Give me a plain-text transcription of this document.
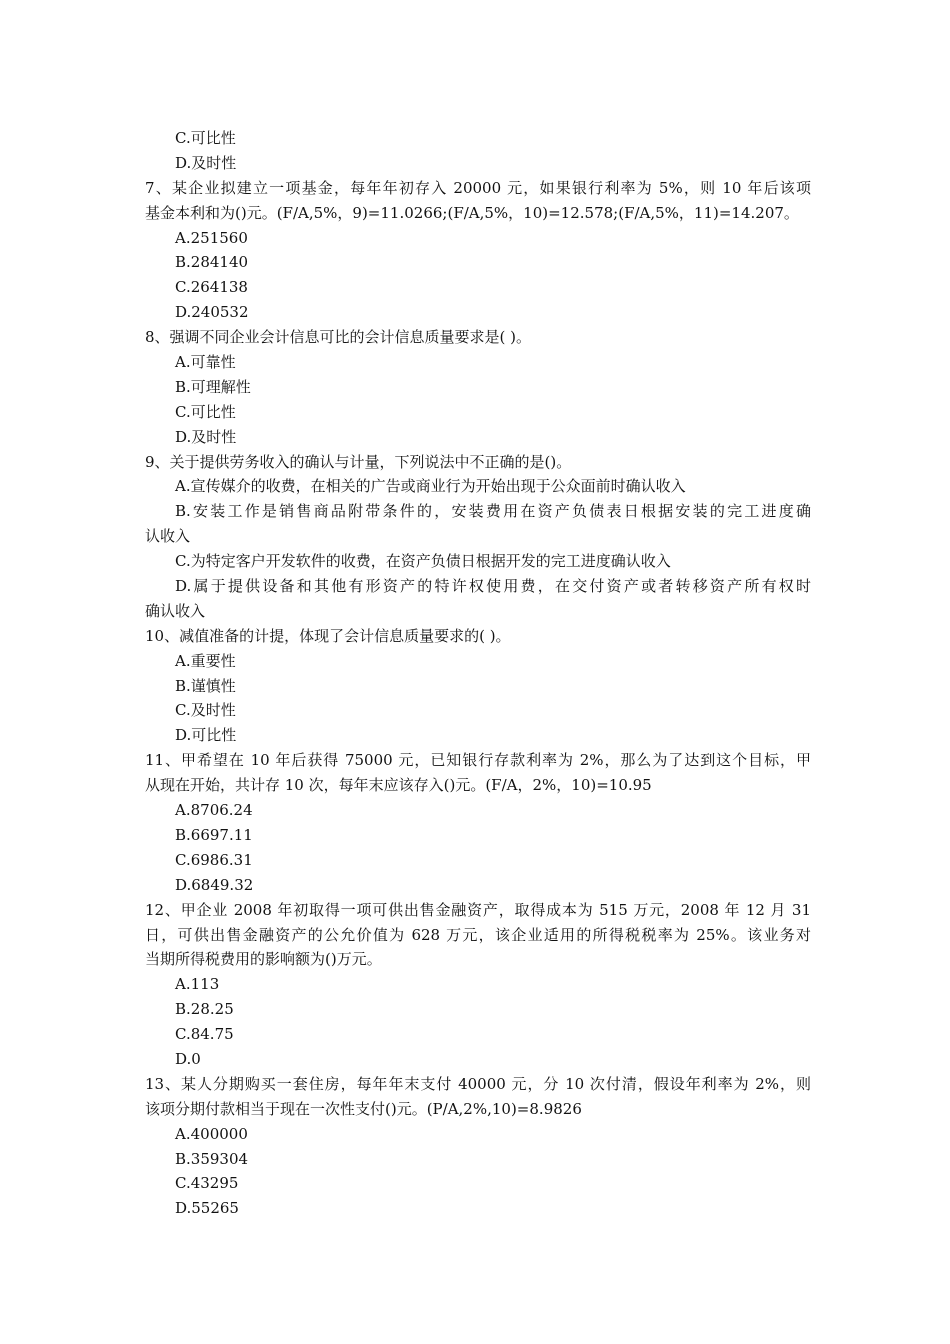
C.可比性
D.及时性
7、某企业拟建立一项基金，每年年初存入 20000 元，如果银行利率为 5%，则 10 年后该项
基金本利和为()元。(F/A,5%，9)=11.0266;(F/A,5%，10)=12.578;(F/A,5%，11)=14.207。
A.251560
B.284140
C.264138
D.240532
8、强调不同企业会计信息可比的会计信息质量要求是( )。
A.可靠性
B.可理解性
C.可比性
D.及时性
9、关于提供劳务收入的确认与计量，下列说法中不正确的是()。
A.宣传媒介的收费，在相关的广告或商业行为开始出现于公众面前时确认收入
B.安装工作是销售商品附带条件的，安装费用在资产负债表日根据安装的完工进度确
认收入
C.为特定客户开发软件的收费，在资产负债日根据开发的完工进度确认收入
D.属于提供设备和其他有形资产的特许权使用费，在交付资产或者转移资产所有权时
确认收入
10、减值准备的计提，体现了会计信息质量要求的( )。
A.重要性
B.谨慎性
C.及时性
D.可比性
11、甲希望在 10 年后获得 75000 元，已知银行存款利率为 2%，那么为了达到这个目标，甲
从现在开始，共计存 10 次，每年末应该存入()元。(F/A，2%，10)=10.95
A.8706.24
B.6697.11
C.6986.31
D.6849.32
12、甲企业 2008 年初取得一项可供出售金融资产，取得成本为 515 万元，2008 年 12 月 31
日，可供出售金融资产的公允价值为 628 万元，该企业适用的所得税税率为 25%。该业务对
当期所得税费用的影响额为()万元。
A.113
B.28.25
C.84.75
D.0
13、某人分期购买一套住房，每年年末支付 40000 元，分 10 次付清，假设年利率为 2%，则
该项分期付款相当于现在一次性支付()元。(P/A,2%,10)=8.9826
A.400000
B.359304
C.43295
D.55265
